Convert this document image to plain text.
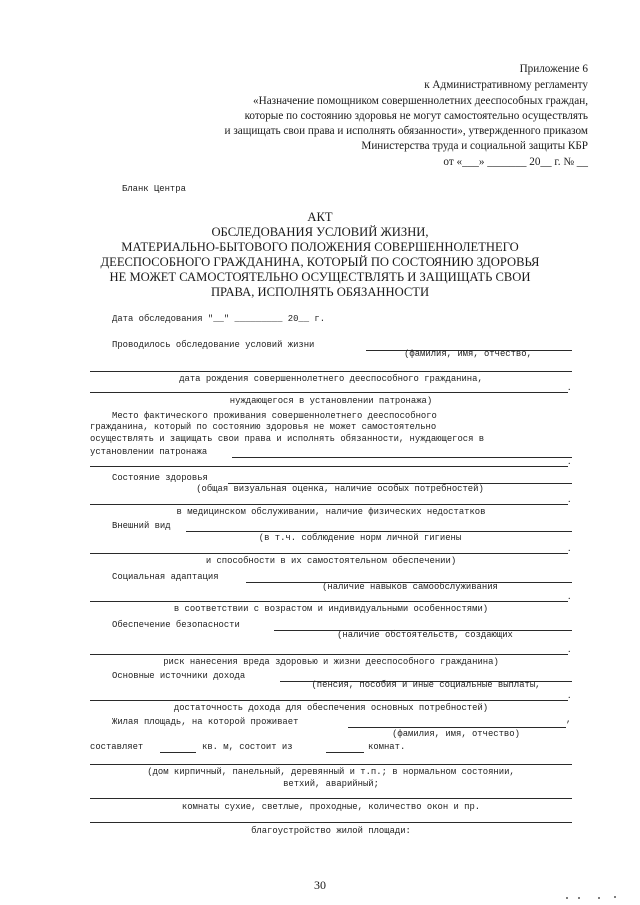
Приложение 6
к Административному регламенту
«Назначение помощником совершеннолетних дееспособных граждан,
которые по состоянию здоровья не могут самостоятельно осуществлять
и защищать свои права и исполнять обязанности», утвержденного приказом
Министерства труда и социальной защиты КБР
от «___» _______ 20__ г. № __
Бланк Центра
АКТ
ОБСЛЕДОВАНИЯ УСЛОВИЙ ЖИЗНИ,
МАТЕРИАЛЬНО-БЫТОВОГО ПОЛОЖЕНИЯ СОВЕРШЕННОЛЕТНЕГО
ДЕЕСПОСОБНОГО ГРАЖДАНИНА, КОТОРЫЙ ПО СОСТОЯНИЮ ЗДОРОВЬЯ
НЕ МОЖЕТ САМОСТОЯТЕЛЬНО ОСУЩЕСТВЛЯТЬ И ЗАЩИЩАТЬ СВОИ
ПРАВА, ИСПОЛНЯТЬ ОБЯЗАННОСТИ
Дата обследования "__" _________ 20__ г.
Проводилось обследование условий жизни
(фамилия, имя, отчество,
дата рождения совершеннолетнего дееспособного гражданина,
.
нуждающегося в установлении патронажа)
Место фактического проживания совершеннолетнего дееспособного
гражданина, который по состоянию здоровья не может самостоятельно
осуществлять и защищать свои права и исполнять обязанности, нуждающегося в
установлении патронажа
.
Состояние здоровья
(общая визуальная оценка, наличие особых потребностей)
.
в медицинском обслуживании, наличие физических недостатков
Внешний вид
(в т.ч. соблюдение норм личной гигиены
.
и способности в их самостоятельном обеспечении)
Социальная адаптация
(наличие навыков самообслуживания
.
в соответствии с возрастом и индивидуальными особенностями)
Обеспечение безопасности
(наличие обстоятельств, создающих
.
риск нанесения вреда здоровью и жизни дееспособного гражданина)
Основные источники дохода
(пенсия, пособия и иные социальные выплаты,
.
достаточность дохода для обеспечения основных потребностей)
Жилая площадь, на которой проживает	,
(фамилия, имя, отчество)
составляет	кв. м, состоит из	комнат.
(дом кирпичный, панельный, деревянный и т.п.; в нормальном состоянии,
ветхий, аварийный;
комнаты сухие, светлые, проходные, количество окон и пр.
благоустройство жилой площади:
30
